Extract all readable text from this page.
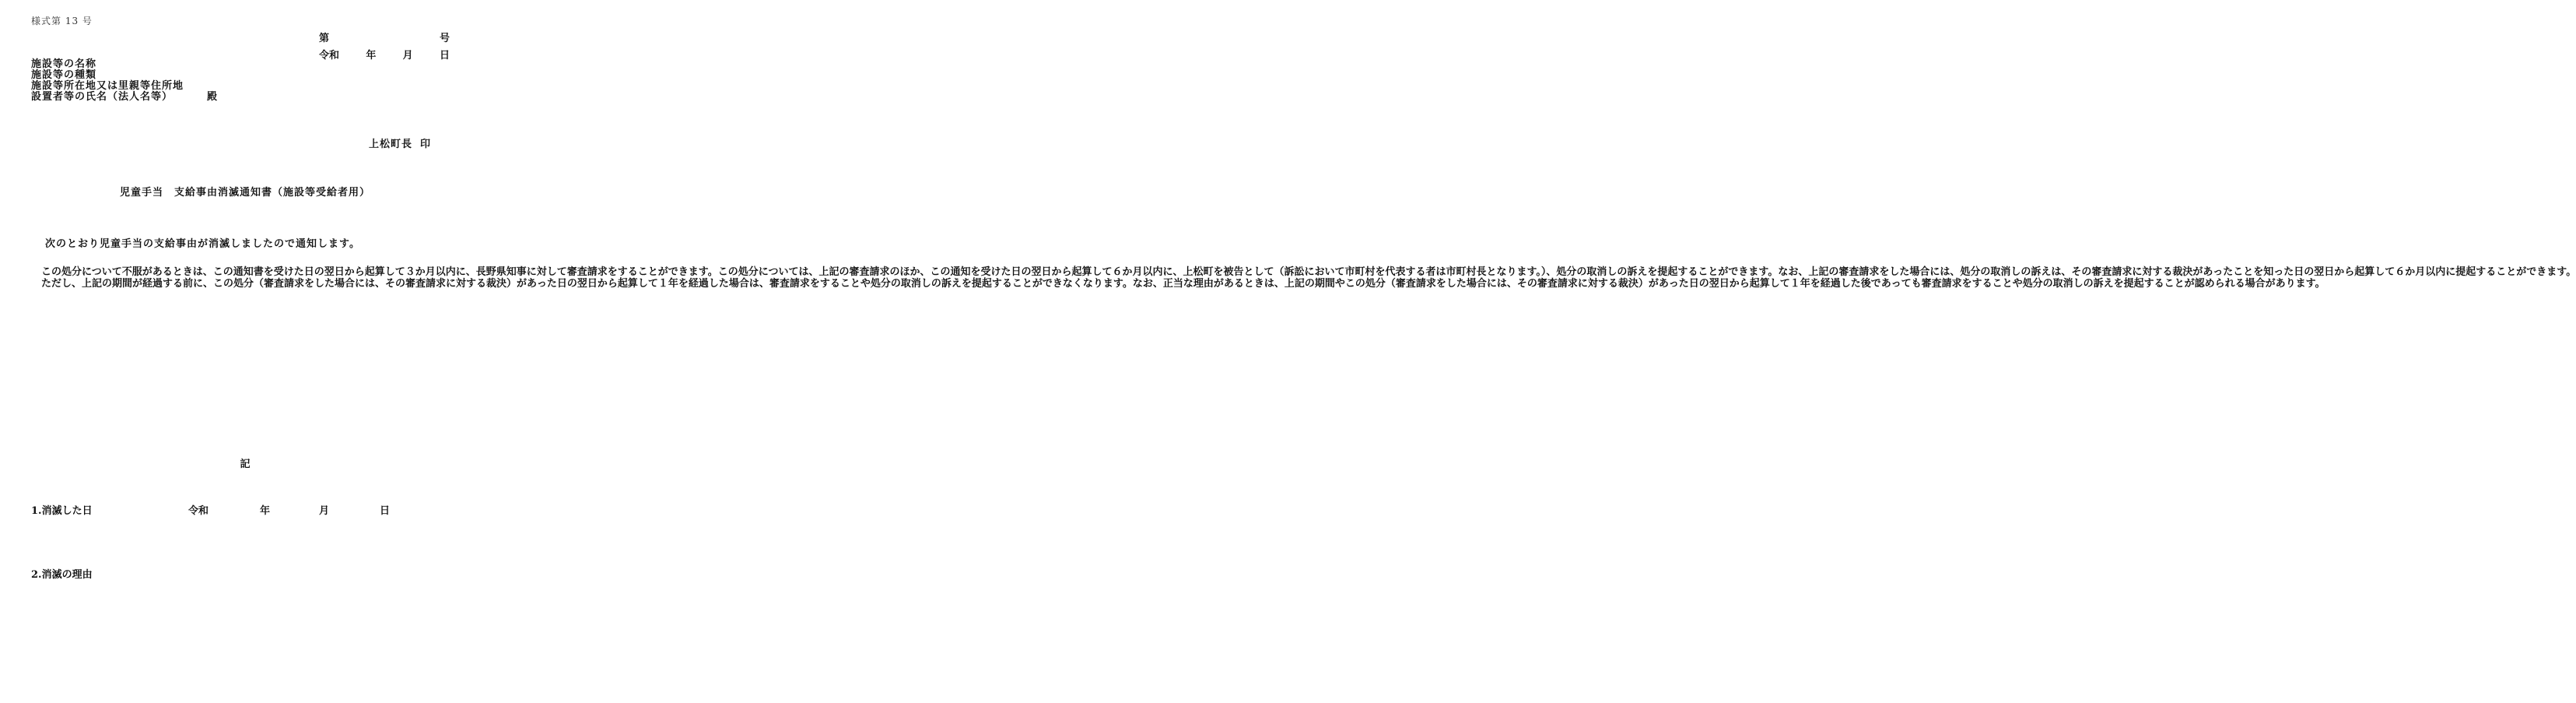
様式第 13 号
第	号
令和	年	月	日
施設等の名称
施設等の種類
施設等所在地又は里親等住所地
設置者等の氏名（法人名等）	殿
上松町長 印
児童手当　支給事由消滅通知書（施設等受給者用）
次のとおり児童手当の支給事由が消滅しましたので通知します。

この処分について不服があるときは、この通知書を受けた日の翌日から起算して３か月以内に、長野県知事に対して審査請求をすることができます。この処分については、上記の審査請求のほか、この通知を受けた日の翌日から起算して６か月以内に、上松町を被告として（訴訟において市町村を代表する者は市町村長となります。）、処分の取消しの訴えを提起することができます。なお、上記の審査請求をした場合には、処分の取消しの訴えは、その審査請求に対する裁決があったことを知った日の翌日から起算して６か月以内に提起することができます。

ただし、上記の期間が経過する前に、この処分（審査請求をした場合には、その審査請求に対する裁決）があった日の翌日から起算して１年を経過した場合は、審査請求をすることや処分の取消しの訴えを提起することができなくなります。なお、正当な理由があるときは、上記の期間やこの処分（審査請求をした場合には、その審査請求に対する裁決）があった日の翌日から起算して１年を経過した後であっても審査請求をすることや処分の取消しの訴えを提起することが認められる場合があります。

記
1.消滅した日	令和	年	月	日
2.消滅の理由
